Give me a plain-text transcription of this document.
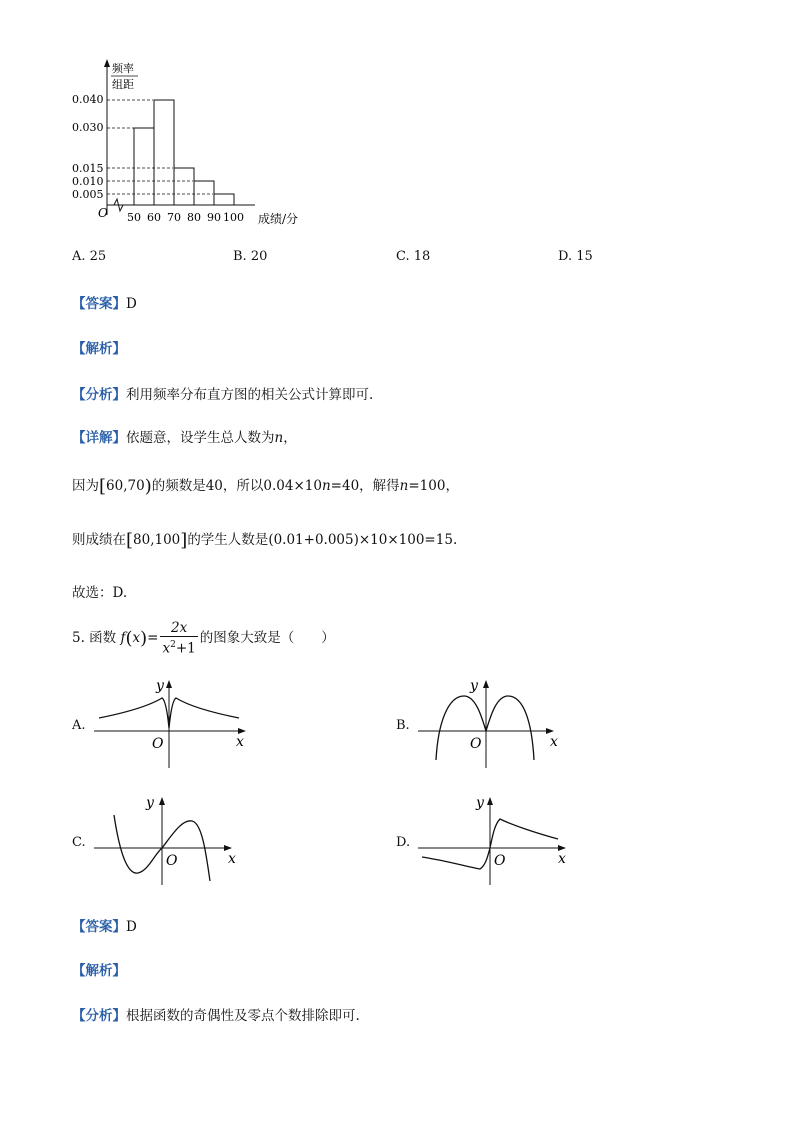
频率
组距
0.040
0.030
0.015
0.010
0.005
O 50 60 70 80 90 100 成绩/分
A. 25	B. 20	C. 18	D. 15
【答案】D
【解析】
【分析】利用频率分布直方图的相关公式计算即可.
【详解】依题意，设学生总人数为n，
因为[60,70)的频数是40，所以0.04×10n=40，解得n=100，
则成绩在[80,100]的学生人数是(0.01+0.005)×10×100=15.
故选：D.
5. 函数 $f(x)= \frac{2x}{x^2+1}$ 的图象大致是（　　）
A.
y
x
O
B.
y
x
O
C.
y
x
O
D.
y
x
O
【答案】D
【解析】
【分析】根据函数的奇偶性及零点个数排除即可.
